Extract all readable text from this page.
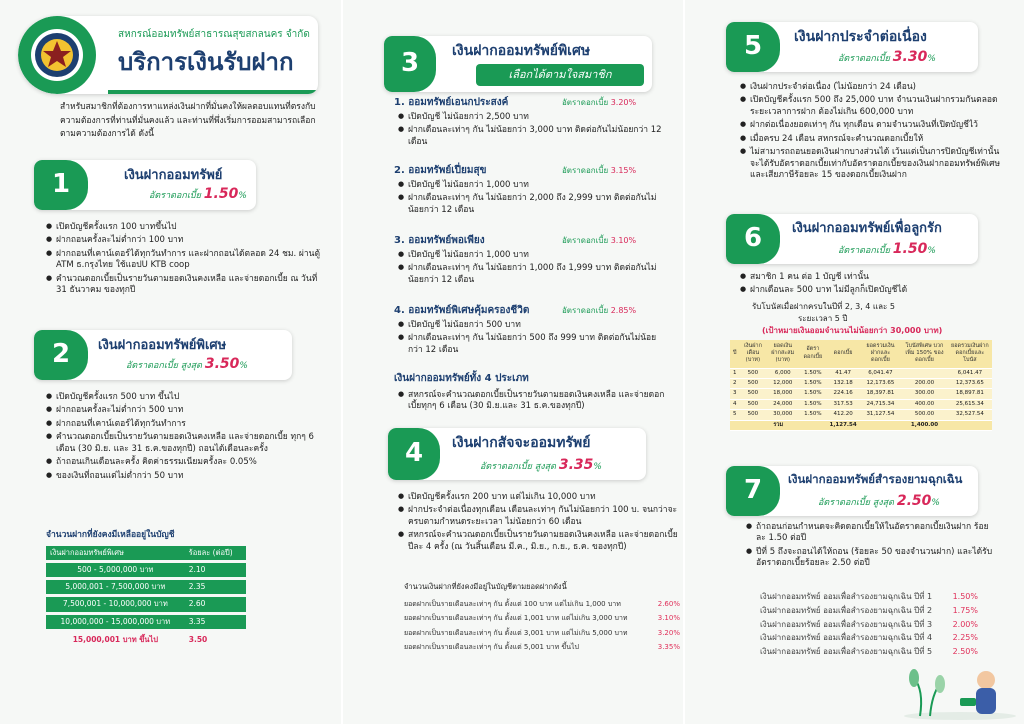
สหกรณ์ออมทรัพย์สาธารณสุขสกลนคร จำกัด
บริการเงินรับฝาก
สำหรับสมาชิกที่ต้องการหาแหล่งเงินฝากที่มั่นคงให้ผลตอบแทนที่ตรงกับความต้องการที่ท่านที่มั่นคงแล้ว และท่านที่พึ่งเริ่มการออมสามารถเลือกตามความต้องการได้ ดังนี้
1	เงินฝากออมทรัพย์
อัตราดอกเบี้ย 1.50%
● เปิดบัญชีครั้งแรก 100 บาทขึ้นไป
● ฝากถอนครั้งละไม่ต่ำกว่า 100 บาท
● ฝากถอนที่เคาน์เตอร์ได้ทุกวันทำการ และฝากถอนได้ตลอด 24 ชม. ผ่านตู้ ATM ธ.กรุงไทย ใช้แอปU KTB coop
● คำนวณดอกเบี้ยเป็นรายวันตามยอดเงินคงเหลือ และจ่ายดอกเบี้ย ณ วันที่ 31 ธันวาคม ของทุกปี
2	เงินฝากออมทรัพย์พิเศษ
อัตราดอกเบี้ย สูงสุด 3.50%
● เปิดบัญชีครั้งแรก 500 บาท ขึ้นไป
● ฝากถอนครั้งละไม่ต่ำกว่า 500 บาท
● ฝากถอนที่เคาน์เตอร์ได้ทุกวันทำการ
● คำนวณดอกเบี้ยเป็นรายวันตามยอดเงินคงเหลือ และจ่ายดอกเบี้ย ทุกๆ 6 เดือน (30 มิ.ย. และ 31 ธ.ค.ของทุกปี) ถอนได้เดือนละครั้ง
● ถ้าถอนเกินเดือนละครั้ง คิดค่าธรรมเนียมครั้งละ 0.05%
● ของเงินที่ถอนแต่ไม่ต่ำกว่า 50 บาท
จำนวนฝากที่ยังคงมีเหลืออยู่ในบัญชี
เงินฝากออมทรัพย์พิเศษ	ร้อยละ (ต่อปี)

500 - 5,000,000 บาท	2.10

5,000,001 - 7,500,000 บาท	2.35

7,500,001 - 10,000,000 บาท	2.60

10,000,000 - 15,000,000 บาท	3.35
15,000,001 บาท ขึ้นไป	3.50
3	เงินฝากออมทรัพย์พิเศษ
เลือกได้ตามใจสมาชิก
1. ออมทรัพย์เอนกประสงค์	อัตราดอกเบี้ย 3.20%
● เปิดบัญชี ไม่น้อยกว่า 2,500 บาท
● ฝากเดือนละเท่าๆ กัน ไม่น้อยกว่า 3,000 บาท ติดต่อกันไม่น้อยกว่า 12 เดือน
2. ออมทรัพย์เปี่ยมสุข	อัตราดอกเบี้ย 3.15%
● เปิดบัญชี ไม่น้อยกว่า 1,000 บาท
● ฝากเดือนละเท่าๆ กัน ไม่น้อยกว่า 2,000 ถึง 2,999 บาท ติดต่อกันไม่น้อยกว่า 12 เดือน
3. ออมทรัพย์พอเพียง	อัตราดอกเบี้ย 3.10%
● เปิดบัญชี ไม่น้อยกว่า 1,000 บาท
● ฝากเดือนละเท่าๆ กัน ไม่น้อยกว่า 1,000 ถึง 1,999 บาท ติดต่อกันไม่น้อยกว่า 12 เดือน
4. ออมทรัพย์พิเศษคุ้มครองชีวิต	อัตราดอกเบี้ย 2.85%
● เปิดบัญชี ไม่น้อยกว่า 500 บาท
● ฝากเดือนละเท่าๆ กัน ไม่น้อยกว่า 500 ถึง 999 บาท ติดต่อกันไม่น้อยกว่า 12 เดือน
เงินฝากออมทรัพย์ทั้ง 4 ประเภท
● สหกรณ์จะคำนวณดอกเบี้ยเป็นรายวันตามยอดเงินคงเหลือ และจ่ายดอกเบี้ยทุกๆ 6 เดือน (30 มิ.ย.และ 31 ธ.ค.ของทุกปี)
4	เงินฝากสัจจะออมทรัพย์
อัตราดอกเบี้ย สูงสุด 3.35%
● เปิดบัญชีครั้งแรก 200 บาท แต่ไม่เกิน 10,000 บาท
● ฝากประจำต่อเนื่องทุกเดือน เดือนละเท่าๆ กันไม่น้อยกว่า 100 บ. จนกว่าจะครบตามกำหนดระยะเวลา ไม่น้อยกว่า 60 เดือน
● สหกรณ์จะคำนวณดอกเบี้ยเป็นรายวันตามยอดเงินคงเหลือ และจ่ายดอกเบี้ยปีละ 4 ครั้ง (ณ วันสิ้นเดือน มี.ค., มิ.ย., ก.ย., ธ.ค. ของทุกปี)
จำนวนเงินฝากที่ยังคงมีอยู่ในบัญชีตามยอดฝากดังนี้
ยอดฝากเป็นรายเดือนละเท่าๆ กัน ตั้งแต่ 100 บาท แต่ไม่เกิน 1,000 บาท	2.60%
ยอดฝากเป็นรายเดือนละเท่าๆ กัน ตั้งแต่ 1,001 บาท แต่ไม่เกิน 3,000 บาท	3.10%
ยอดฝากเป็นรายเดือนละเท่าๆ กัน ตั้งแต่ 3,001 บาท แต่ไม่เกิน 5,000 บาท	3.20%
ยอดฝากเป็นรายเดือนละเท่าๆ กัน ตั้งแต่ 5,001 บาท ขึ้นไป	3.35%
5	เงินฝากประจำต่อเนื่อง
อัตราดอกเบี้ย 3.30%
● เงินฝากประจำต่อเนื่อง (ไม่น้อยกว่า 24 เดือน)
● เปิดบัญชีครั้งแรก 500 ถึง 25,000 บาท จำนวนเงินฝากรวมกันตลอดระยะเวลาการฝาก ต้องไม่เกิน 600,000 บาท
● ฝากต่อเนื่องยอดเท่าๆ กัน ทุกเดือน ตามจำนวนเงินที่เปิดบัญชีไว้
● เมื่อครบ 24 เดือน สหกรณ์จะคำนวณดอกเบี้ยให้
● ไม่สามารถถอนยอดเงินฝากบางส่วนได้ เว้นแต่เป็นการปิดบัญชีเท่านั้น จะได้รับอัตราดอกเบี้ยเท่ากับอัตราดอกเบี้ยของเงินฝากออมทรัพย์พิเศษ และเสียภาษีร้อยละ 15 ของดอกเบี้ยเงินฝาก
6	เงินฝากออมทรัพย์เพื่อลูกรัก
อัตราดอกเบี้ย 1.50%
● สมาชิก 1 คน ต่อ 1 บัญชี เท่านั้น
● ฝากเดือนละ 500 บาท ไม่มีลูกก็เปิดบัญชีได้
รับโบนัสเมื่อฝากครบในปีที่ 2, 3, 4 และ 5
ระยะเวลา 5 ปี
(เป้าหมายเงินออมจำนวนไม่น้อยกว่า 30,000 บาท)
ปี	เงินฝากเดือน (บาท)	ยอดเงินฝากสะสม (บาท)	อัตราดอกเบี้ย	ดอกเบี้ย	ยอดรวมเงินฝากและดอกเบี้ย	โบนัสพิเศษ บวกเพิ่ม 150% ของดอกเบี้ย	ยอดรวมเงินฝากดอกเบี้ยและโบนัส
1	500	6,000	1.50%	41.47	6,041.47		6,041.47
2	500	12,000	1.50%	132.18	12,173.65	200.00	12,373.65
3	500	18,000	1.50%	224.16	18,397.81	300.00	18,897.81
4	500	24,000	1.50%	317.53	24,715.34	400.00	25,615.34
5	500	30,000	1.50%	412.20	31,127.54	500.00	32,527.54
รวม				1,127.54		1,400.00	
7	เงินฝากออมทรัพย์สำรองยามฉุกเฉิน
อัตราดอกเบี้ย สูงสุด 2.50%
● ถ้าถอนก่อนกำหนดจะคิดดอกเบี้ยให้ในอัตราดอกเบี้ยเงินฝาก ร้อยละ 1.50 ต่อปี
● ปีที่ 5 ถึงจะถอนได้ให้ถอน (ร้อยละ 50 ของจำนวนฝาก) และได้รับอัตราดอกเบี้ยร้อยละ 2.50 ต่อปี
เงินฝากออมทรัพย์ ออมเพื่อสำรองยามฉุกเฉิน ปีที่ 1	1.50%
เงินฝากออมทรัพย์ ออมเพื่อสำรองยามฉุกเฉิน ปีที่ 2	1.75%
เงินฝากออมทรัพย์ ออมเพื่อสำรองยามฉุกเฉิน ปีที่ 3	2.00%
เงินฝากออมทรัพย์ ออมเพื่อสำรองยามฉุกเฉิน ปีที่ 4	2.25%
เงินฝากออมทรัพย์ ออมเพื่อสำรองยามฉุกเฉิน ปีที่ 5	2.50%
